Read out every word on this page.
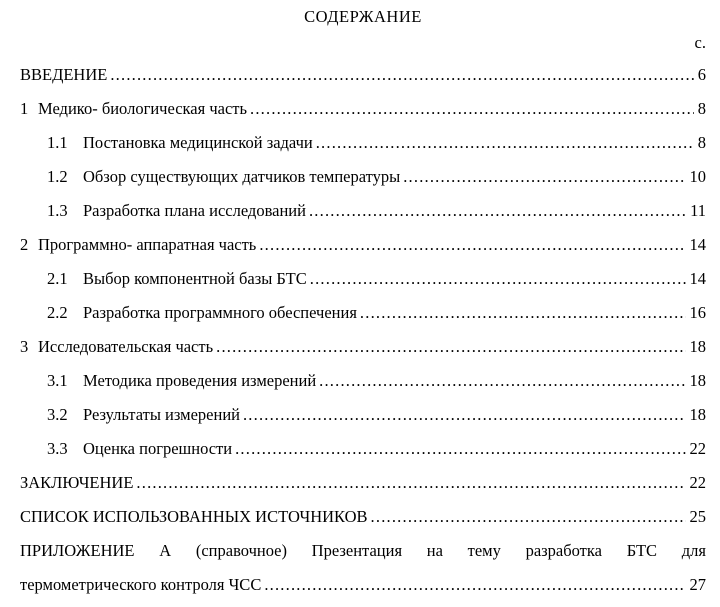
СОДЕРЖАНИЕ
с.
ВВЕДЕНИЕ .....	6
1 Медико- биологическая часть .....	8
1.1 Постановка медицинской задачи .....	8
1.2 Обзор существующих датчиков температуры .....	10
1.3 Разработка плана исследований .....	11
2 Программно- аппаратная часть .....	14
2.1 Выбор компонентной базы БТС .....	14
2.2 Разработка программного обеспечения .....	16
3 Исследовательская часть .....	18
3.1 Методика проведения измерений .....	18
3.2 Результаты измерений .....	18
3.3 Оценка погрешности .....	22
ЗАКЛЮЧЕНИЕ .....	22
СПИСОК ИСПОЛЬЗОВАННЫХ ИСТОЧНИКОВ .....	25
ПРИЛОЖЕНИЕ А (справочное) Презентация на тему разработка БТС для
термометрического контроля ЧСС .....	27
